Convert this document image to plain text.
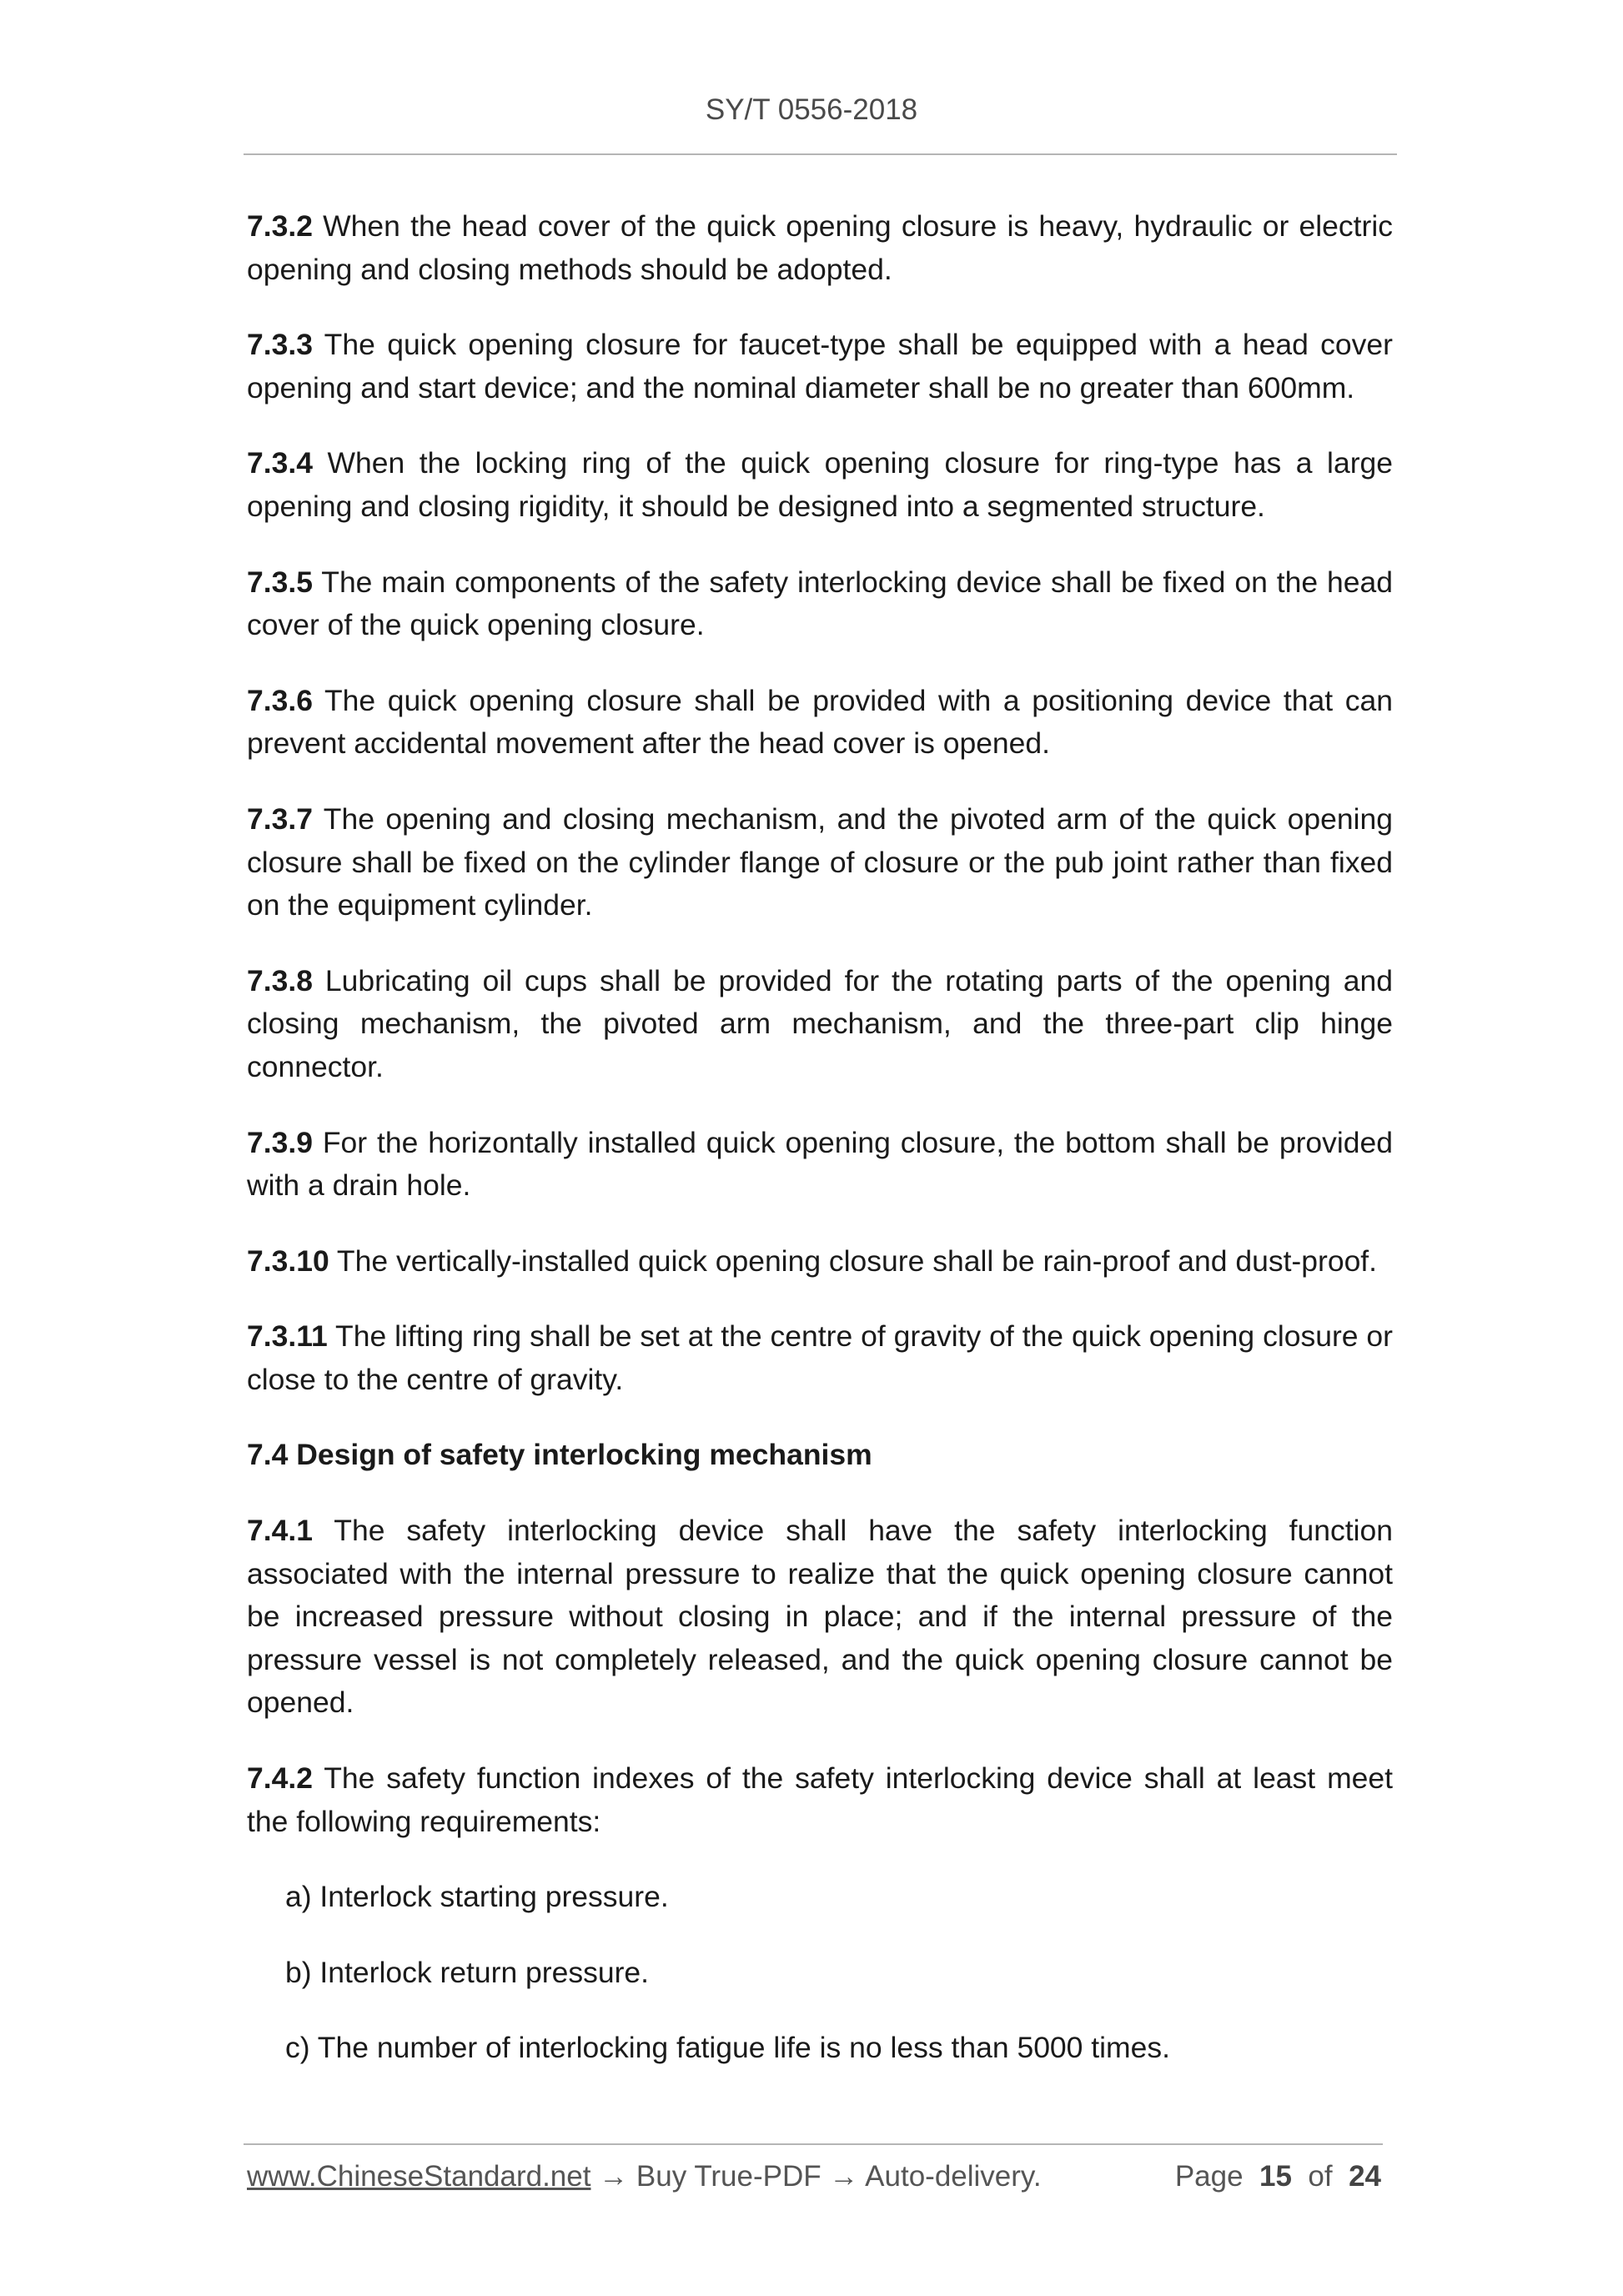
SY/T 0556-2018

7.3.2 When the head cover of the quick opening closure is heavy, hydraulic or electric opening and closing methods should be adopted.

7.3.3 The quick opening closure for faucet-type shall be equipped with a head cover opening and start device; and the nominal diameter shall be no greater than 600mm.

7.3.4 When the locking ring of the quick opening closure for ring-type has a large opening and closing rigidity, it should be designed into a segmented structure.

7.3.5 The main components of the safety interlocking device shall be fixed on the head cover of the quick opening closure.

7.3.6 The quick opening closure shall be provided with a positioning device that can prevent accidental movement after the head cover is opened.

7.3.7 The opening and closing mechanism, and the pivoted arm of the quick opening closure shall be fixed on the cylinder flange of closure or the pub joint rather than fixed on the equipment cylinder.

7.3.8 Lubricating oil cups shall be provided for the rotating parts of the opening and closing mechanism, the pivoted arm mechanism, and the three-part clip hinge connector.

7.3.9 For the horizontally installed quick opening closure, the bottom shall be provided with a drain hole.

7.3.10 The vertically-installed quick opening closure shall be rain-proof and dust-proof.

7.3.11 The lifting ring shall be set at the centre of gravity of the quick opening closure or close to the centre of gravity.

7.4 Design of safety interlocking mechanism

7.4.1 The safety interlocking device shall have the safety interlocking function associated with the internal pressure to realize that the quick opening closure cannot be increased pressure without closing in place; and if the internal pressure of the pressure vessel is not completely released, and the quick opening closure cannot be opened.

7.4.2 The safety function indexes of the safety interlocking device shall at least meet the following requirements:

a) Interlock starting pressure.

b) Interlock return pressure.

c) The number of interlocking fatigue life is no less than 5000 times.

www.ChineseStandard.net → Buy True-PDF → Auto-delivery.	Page 15 of 24
